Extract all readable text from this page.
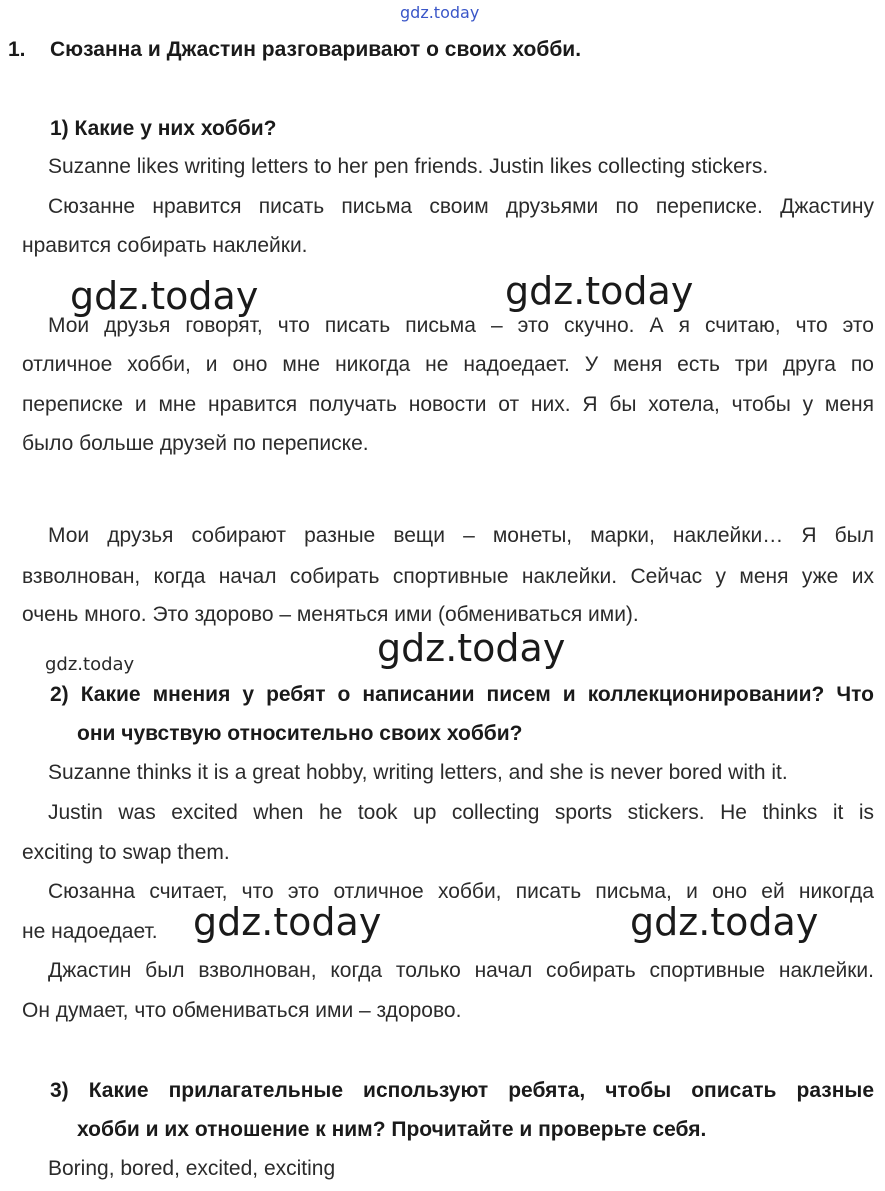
gdz.today
1. Сюзанна и Джастин разговаривают о своих хобби.
1) Какие у них хобби?
Suzanne likes writing letters to her pen friends. Justin likes collecting stickers.
Сюзанне нравится писать письма своим друзьями по переписке. Джастину
нравится собирать наклейки.
gdz.today	gdz.today
Мои друзья говорят, что писать письма – это скучно. А я считаю, что это
отличное хобби, и оно мне никогда не надоедает. У меня есть три друга по
переписке и мне нравится получать новости от них. Я бы хотела, чтобы у меня
было больше друзей по переписке.
Мои друзья собирают разные вещи – монеты, марки, наклейки… Я был
взволнован, когда начал собирать спортивные наклейки. Сейчас у меня уже их
очень много. Это здорово – меняться ими (обмениваться ими).
gdz.today
gdz.today
2) Какие мнения у ребят о написании писем и коллекционировании? Что
они чувствую относительно своих хобби?
Suzanne thinks it is a great hobby, writing letters, and she is never bored with it.
Justin was excited when he took up collecting sports stickers. He thinks it is
exciting to swap them.
Сюзанна считает, что это отличное хобби, писать письма, и оно ей никогда
не надоедает. gdz.today	gdz.today
Джастин был взволнован, когда только начал собирать спортивные наклейки.
Он думает, что обмениваться ими – здорово.
3) Какие прилагательные используют ребята, чтобы описать разные
хобби и их отношение к ним? Прочитайте и проверьте себя.
Boring, bored, excited, exciting
